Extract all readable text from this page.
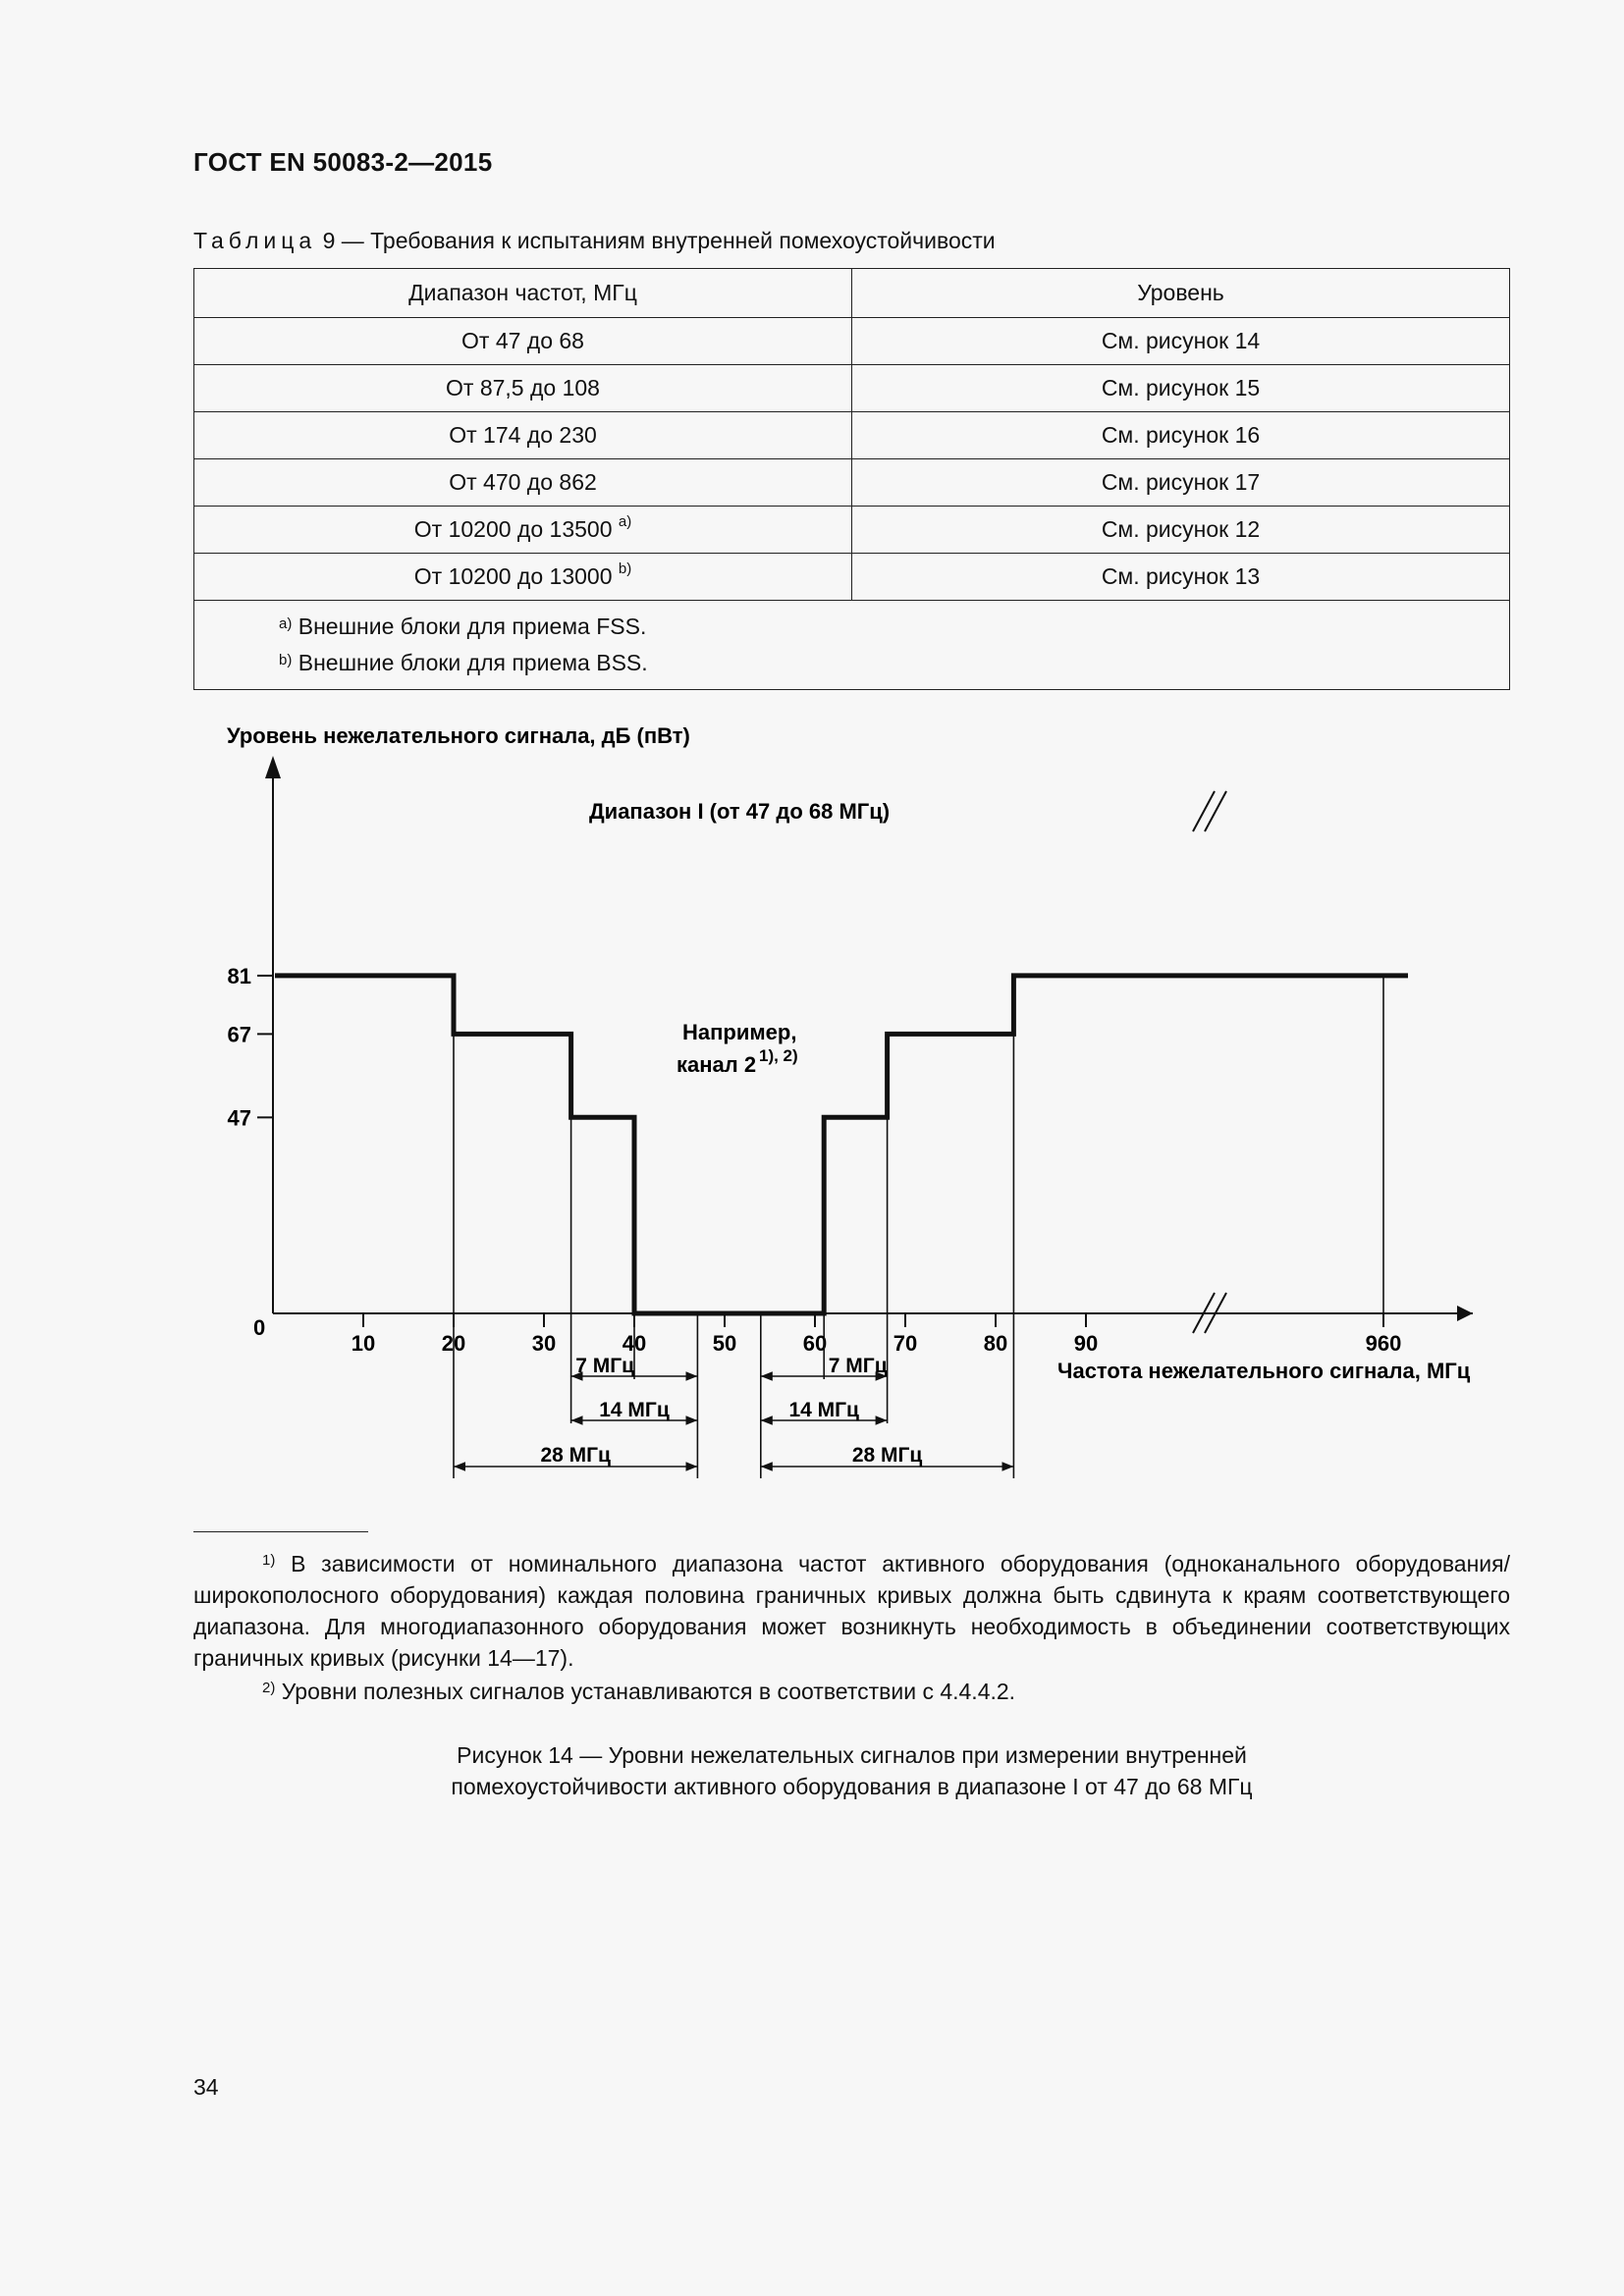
ГОСТ EN 50083-2—2015
Таблица 9 — Требования к испытаниям внутренней помехоустойчивости
Диапазон частот, МГц	Уровень
От 47 до 68	См. рисунок 14
От 87,5 до 108	См. рисунок 15
От 174 до 230	См. рисунок 16
От 470 до 862	См. рисунок 17
От 10200 до 13500 $^{a)}$	См. рисунок 12
От 10200 до 13000 $^{b)}$	См. рисунок 13

$^{a)}$ Внешние блоки для приема FSS.
$^{b)}$ Внешние блоки для приема BSS.	
81
67
47
10	20	30	40	50	60	70	80	90	960
7 МГц	7 МГц
14 МГц	14 МГц
28 МГц	28 МГц
Уровень нежелательного сигнала, дБ (пВт)
Диапазон I (от 47 до 68 МГц)
Частота нежелательного сигнала, МГц
Например,
канал 2 1), 2)
0
$^{1)}$ В зависимости от номинального диапазона частот активного оборудования (одноканального оборудования/широкополосного оборудования) каждая половина граничных кривых должна быть сдвинута к краям соответствующего диапазона. Для многодиапазонного оборудования может возникнуть необходимость в объединении соответствующих граничных кривых (рисунки 14—17).
$^{2)}$ Уровни полезных сигналов устанавливаются в соответствии с 4.4.4.2.
Рисунок 14 — Уровни нежелательных сигналов при измерении внутренней
помехоустойчивости активного оборудования в диапазоне I от 47 до 68 МГц
34
